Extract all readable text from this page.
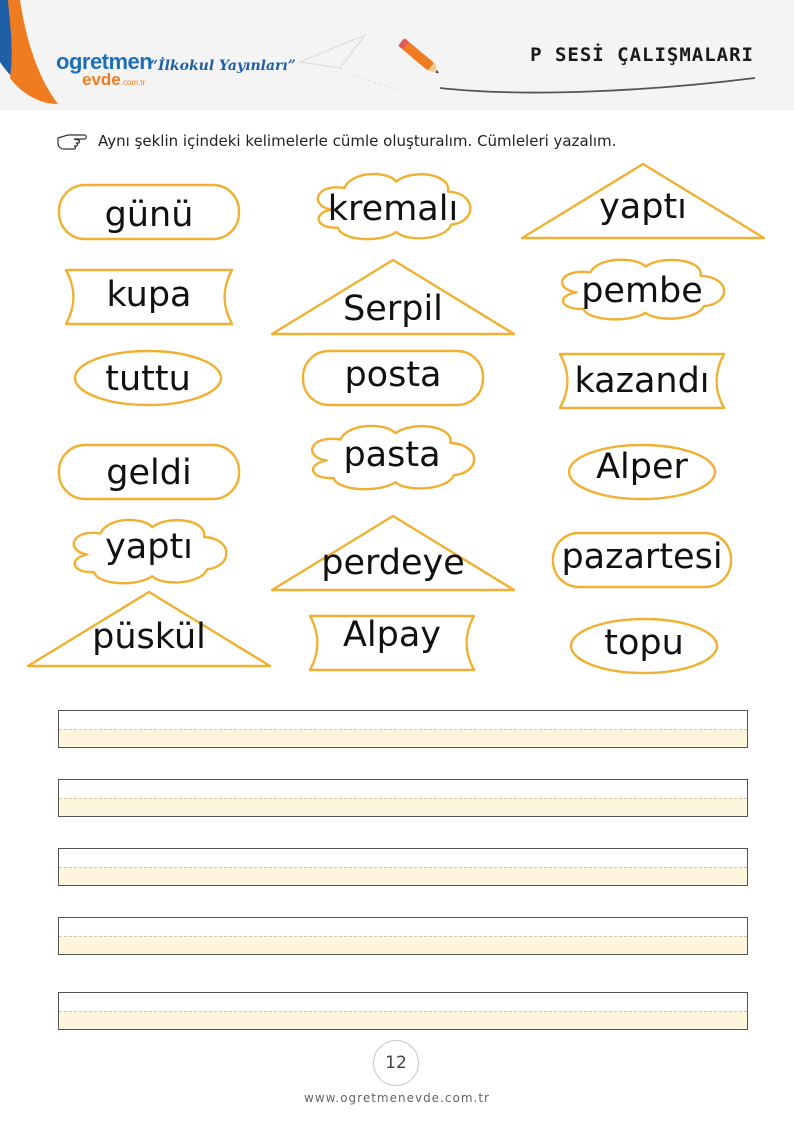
ogretmen
evde.com.tr
“İlkokul Yayınları”	P SESİ ÇALIŞMALARI
Aynı şeklin içindeki kelimelerle cümle oluşturalım. Cümleleri yazalım.
günü	kremalı	yaptı
kupa	Serpil	pembe
tuttu	posta	kazandı
geldi	pasta	Alper
yaptı	perdeye	pazartesi
püskül	Alpay	topu
12
www.ogretmenevde.com.tr
